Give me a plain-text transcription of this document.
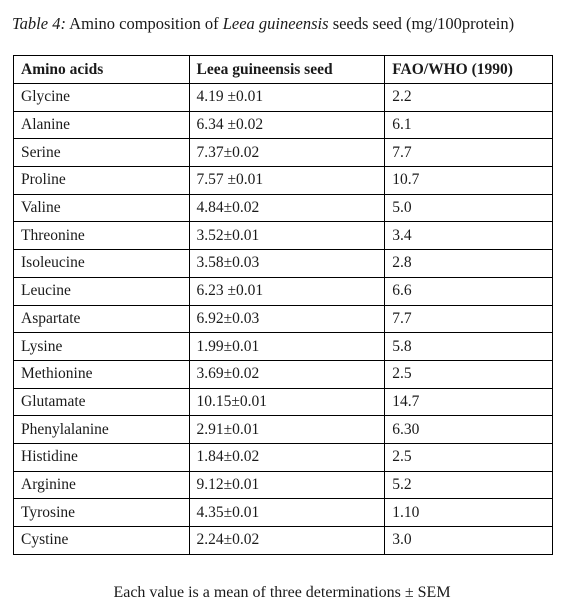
Table 4: Amino composition of Leea guineensis seeds seed (mg/100protein)
Amino acids	Leea guineensis seed	FAO/WHO (1990)
Glycine	4.19 ±0.01	2.2
Alanine	6.34 ±0.02	6.1
Serine	7.37±0.02	7.7
Proline	7.57 ±0.01	10.7
Valine	4.84±0.02	5.0
Threonine	3.52±0.01	3.4
Isoleucine	3.58±0.03	2.8
Leucine	6.23 ±0.01	6.6
Aspartate	6.92±0.03	7.7
Lysine	1.99±0.01	5.8
Methionine	3.69±0.02	2.5
Glutamate	10.15±0.01	14.7
Phenylalanine	2.91±0.01	6.30
Histidine	1.84±0.02	2.5
Arginine	9.12±0.01	5.2
Tyrosine	4.35±0.01	1.10
Cystine	2.24±0.02	3.0
Each value is a mean of three determinations ± SEM
